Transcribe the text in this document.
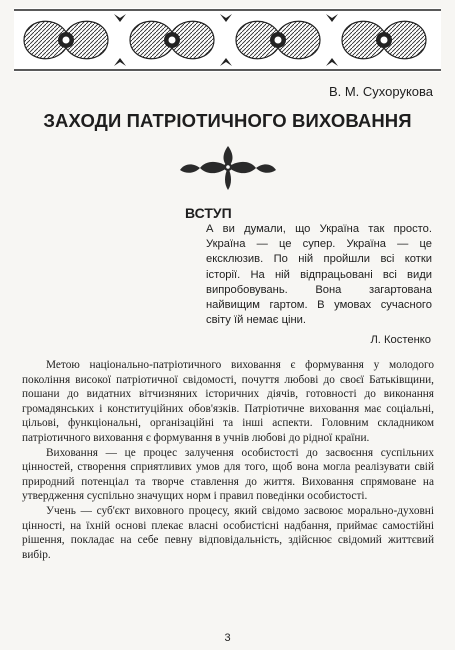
В. М. Сухорукова
ЗАХОДИ ПАТРІОТИЧНОГО ВИХОВАННЯ
ВСТУП
А ви думали, що Україна так просто. Україна — це супер. Україна — це ексклюзив. По ній пройшли всі котки історії. На ній відпрацьовані всі види випробовувань. Вона загартована найвищим гартом. В умовах сучасного світу їй немає ціни.
Л. Костенко

Метою національно-патріотичного виховання є формування у молодого покоління високої патріотичної свідомості, почуття любові до своєї Батьківщини, пошани до видатних вітчизняних історичних діячів, готовності до виконання громадянських і конституційних обов'язків. Патріотичне виховання має соціальні, цільові, функціональні, організаційні та інші аспекти. Головним складником патріотичного виховання є формування в учнів любові до рідної країни.

Виховання — це процес залучення особистості до засвоєння суспільних цінностей, створення сприятливих умов для того, щоб вона могла реалізувати свій природний потенціал та творче ставлення до життя. Виховання спрямоване на утвердження суспільно значущих норм і правил поведінки особистості.

Учень — суб'єкт виховного процесу, який свідомо засвоює морально-духовні цінності, на їхній основі плекає власні особистісні надбання, приймає самостійні рішення, покладає на себе певну відповідальність, здійснює свідомий життєвий вибір.

3
